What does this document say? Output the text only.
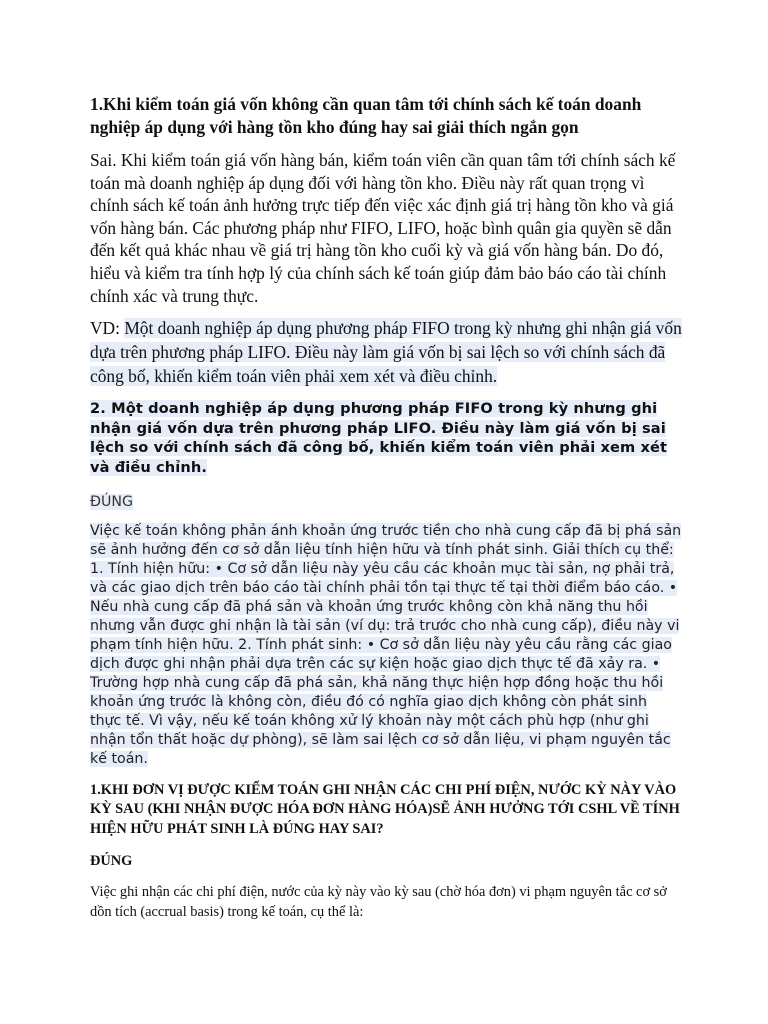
1.Khi kiểm toán giá vốn không cần quan tâm tới chính sách kế toán doanh nghiệp áp dụng với hàng tồn kho đúng hay sai giải thích ngắn gọn

Sai. Khi kiểm toán giá vốn hàng bán, kiểm toán viên cần quan tâm tới chính sách kế toán mà doanh nghiệp áp dụng đối với hàng tồn kho. Điều này rất quan trọng vì chính sách kế toán ảnh hưởng trực tiếp đến việc xác định giá trị hàng tồn kho và giá vốn hàng bán. Các phương pháp như FIFO, LIFO, hoặc bình quân gia quyền sẽ dẫn đến kết quả khác nhau về giá trị hàng tồn kho cuối kỳ và giá vốn hàng bán. Do đó, hiểu và kiểm tra tính hợp lý của chính sách kế toán giúp đảm bảo báo cáo tài chính chính xác và trung thực.

VD: Một doanh nghiệp áp dụng phương pháp FIFO trong kỳ nhưng ghi nhận giá vốn dựa trên phương pháp LIFO. Điều này làm giá vốn bị sai lệch so với chính sách đã công bố, khiến kiểm toán viên phải xem xét và điều chỉnh.

2. Một doanh nghiệp áp dụng phương pháp FIFO trong kỳ nhưng ghi nhận giá vốn dựa trên phương pháp LIFO. Điều này làm giá vốn bị sai lệch so với chính sách đã công bố, khiến kiểm toán viên phải xem xét và điều chỉnh.

ĐÚNG

Việc kế toán không phản ánh khoản ứng trước tiền cho nhà cung cấp đã bị phá sản sẽ ảnh hưởng đến cơ sở dẫn liệu tính hiện hữu và tính phát sinh. Giải thích cụ thể: 1. Tính hiện hữu: • Cơ sở dẫn liệu này yêu cầu các khoản mục tài sản, nợ phải trả, và các giao dịch trên báo cáo tài chính phải tồn tại thực tế tại thời điểm báo cáo. • Nếu nhà cung cấp đã phá sản và khoản ứng trước không còn khả năng thu hồi nhưng vẫn được ghi nhận là tài sản (ví dụ: trả trước cho nhà cung cấp), điều này vi phạm tính hiện hữu. 2. Tính phát sinh: • Cơ sở dẫn liệu này yêu cầu rằng các giao dịch được ghi nhận phải dựa trên các sự kiện hoặc giao dịch thực tế đã xảy ra. • Trường hợp nhà cung cấp đã phá sản, khả năng thực hiện hợp đồng hoặc thu hồi khoản ứng trước là không còn, điều đó có nghĩa giao dịch không còn phát sinh thực tế. Vì vậy, nếu kế toán không xử lý khoản này một cách phù hợp (như ghi nhận tổn thất hoặc dự phòng), sẽ làm sai lệch cơ sở dẫn liệu, vi phạm nguyên tắc kế toán.

1.KHI ĐƠN VỊ ĐƯỢC KIỂM TOÁN GHI NHẬN CÁC CHI PHÍ ĐIỆN, NƯỚC KỲ NÀY VÀO KỲ SAU (KHI NHẬN ĐƯỢC HÓA ĐƠN HÀNG HÓA)SẼ ẢNH HƯỞNG TỚI CSHL VỀ TÍNH HIỆN HỮU PHÁT SINH LÀ ĐÚNG HAY SAI?

ĐÚNG

Việc ghi nhận các chi phí điện, nước của kỳ này vào kỳ sau (chờ hóa đơn) vi phạm nguyên tắc cơ sở dồn tích (accrual basis) trong kế toán, cụ thể là:
